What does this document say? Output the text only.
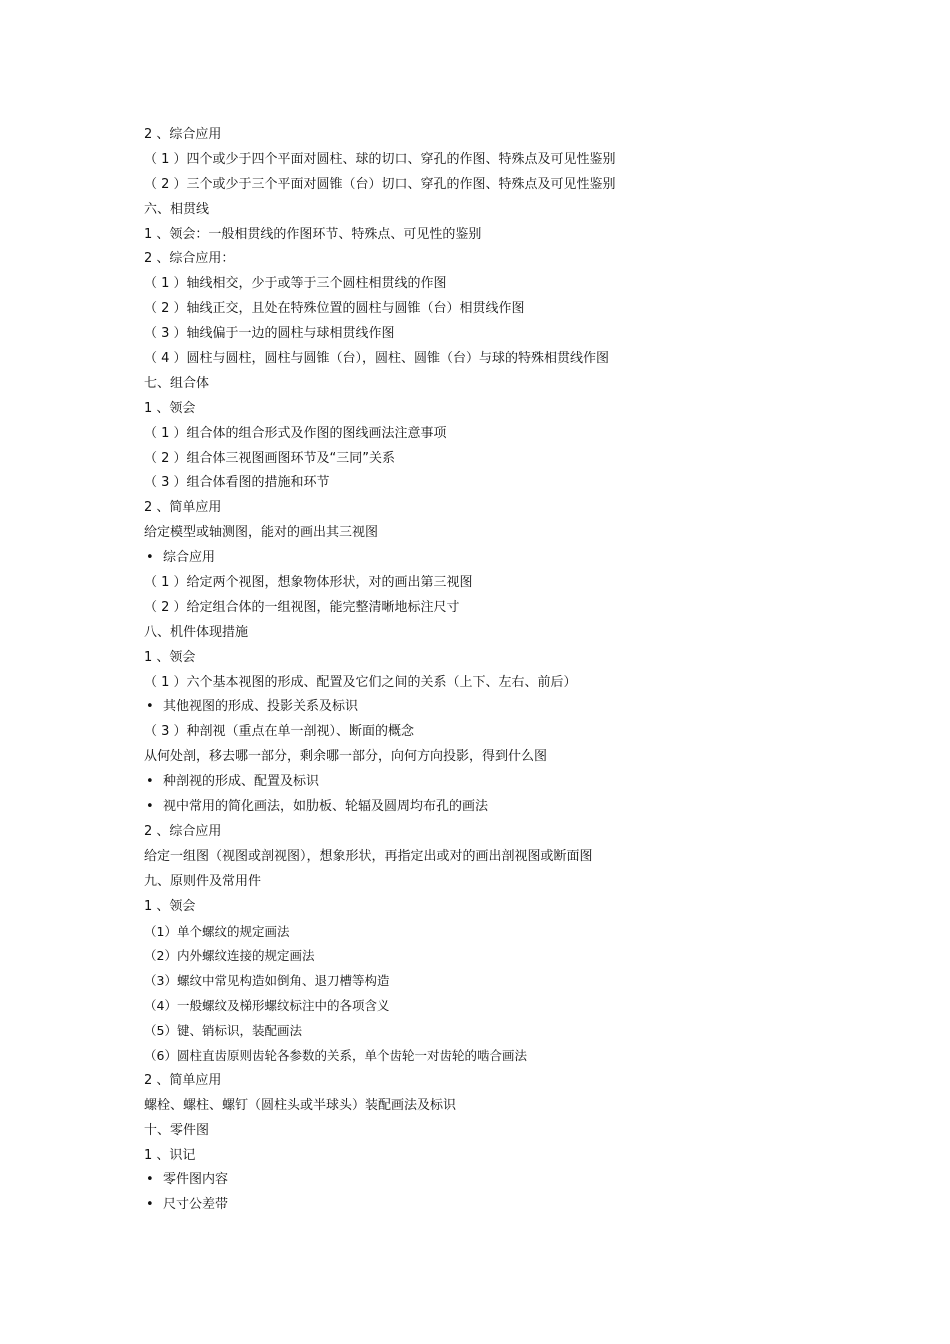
2 、综合应用
（ 1 ）四个或少于四个平面对圆柱、球的切口、穿孔的作图、特殊点及可见性鉴别
（ 2 ）三个或少于三个平面对圆锥（台）切口、穿孔的作图、特殊点及可见性鉴别
六、相贯线
1 、领会：一般相贯线的作图环节、特殊点、可见性的鉴别
2 、综合应用：
（ 1 ）轴线相交，少于或等于三个圆柱相贯线的作图
（ 2 ）轴线正交，且处在特殊位置的圆柱与圆锥（台）相贯线作图
（ 3 ）轴线偏于一边的圆柱与球相贯线作图
（ 4 ）圆柱与圆柱，圆柱与圆锥（台），圆柱、圆锥（台）与球的特殊相贯线作图
七、组合体
1 、领会
（ 1 ）组合体的组合形式及作图的图线画法注意事项
（ 2 ）组合体三视图画图环节及“三同”关系
（ 3 ）组合体看图的措施和环节
2 、简单应用
给定模型或轴测图，能对的画出其三视图
• 综合应用
（ 1 ）给定两个视图，想象物体形状，对的画出第三视图
（ 2 ）给定组合体的一组视图，能完整清晰地标注尺寸
八、机件体现措施
1 、领会
（ 1 ）六个基本视图的形成、配置及它们之间的关系（上下、左右、前后）
• 其他视图的形成、投影关系及标识
（ 3 ）种剖视（重点在单一剖视）、断面的概念
从何处剖，移去哪一部分，剩余哪一部分，向何方向投影，得到什么图
• 种剖视的形成、配置及标识
• 视中常用的简化画法，如肋板、轮辐及圆周均布孔的画法
2 、综合应用
给定一组图（视图或剖视图），想象形状，再指定出或对的画出剖视图或断面图
九、原则件及常用件
1 、领会
（1）单个螺纹的规定画法
（2）内外螺纹连接的规定画法
（3）螺纹中常见构造如倒角、退刀槽等构造
（4）一般螺纹及梯形螺纹标注中的各项含义
（5）键、销标识，装配画法
（6）圆柱直齿原则齿轮各参数的关系，单个齿轮一对齿轮的啮合画法
2 、简单应用
螺栓、螺柱、螺钉（圆柱头或半球头）装配画法及标识
十、零件图
1 、识记
• 零件图内容
• 尺寸公差带
